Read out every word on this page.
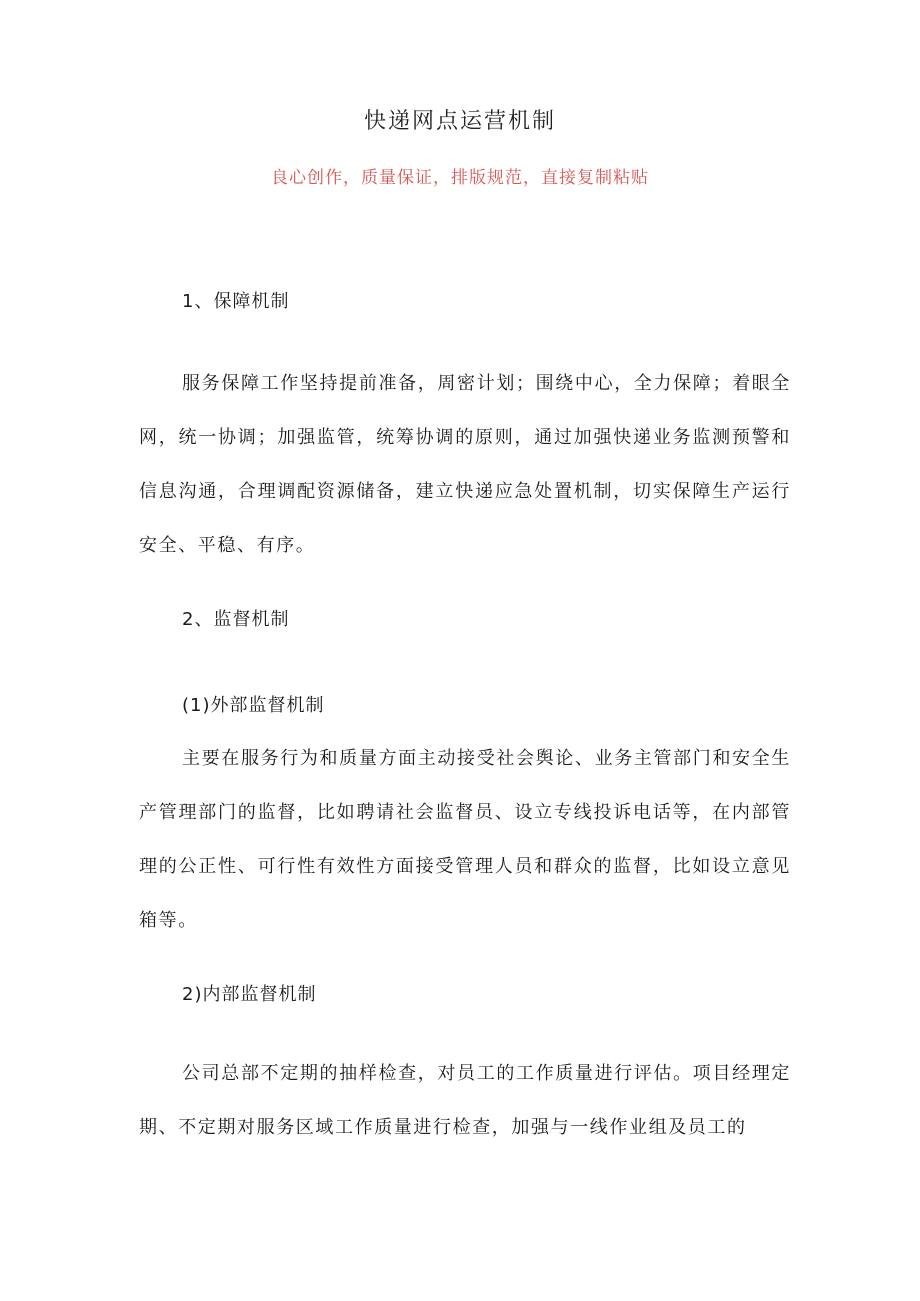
快递网点运营机制
良心创作，质量保证，排版规范，直接复制粘贴
1、保障机制

服务保障工作坚持提前准备，周密计划；围绕中心，全力保障；着眼全网，统一协调；加强监管，统筹协调的原则，通过加强快递业务监测预警和信息沟通，合理调配资源储备，建立快递应急处置机制，切实保障生产运行安全、平稳、有序。

2、监督机制
(1)外部监督机制

主要在服务行为和质量方面主动接受社会舆论、业务主管部门和安全生产管理部门的监督，比如聘请社会监督员、设立专线投诉电话等，在内部管理的公正性、可行性有效性方面接受管理人员和群众的监督，比如设立意见箱等。

2)内部监督机制

公司总部不定期的抽样检查，对员工的工作质量进行评估。项目经理定期、不定期对服务区域工作质量进行检查，加强与一线作业组及员工的
